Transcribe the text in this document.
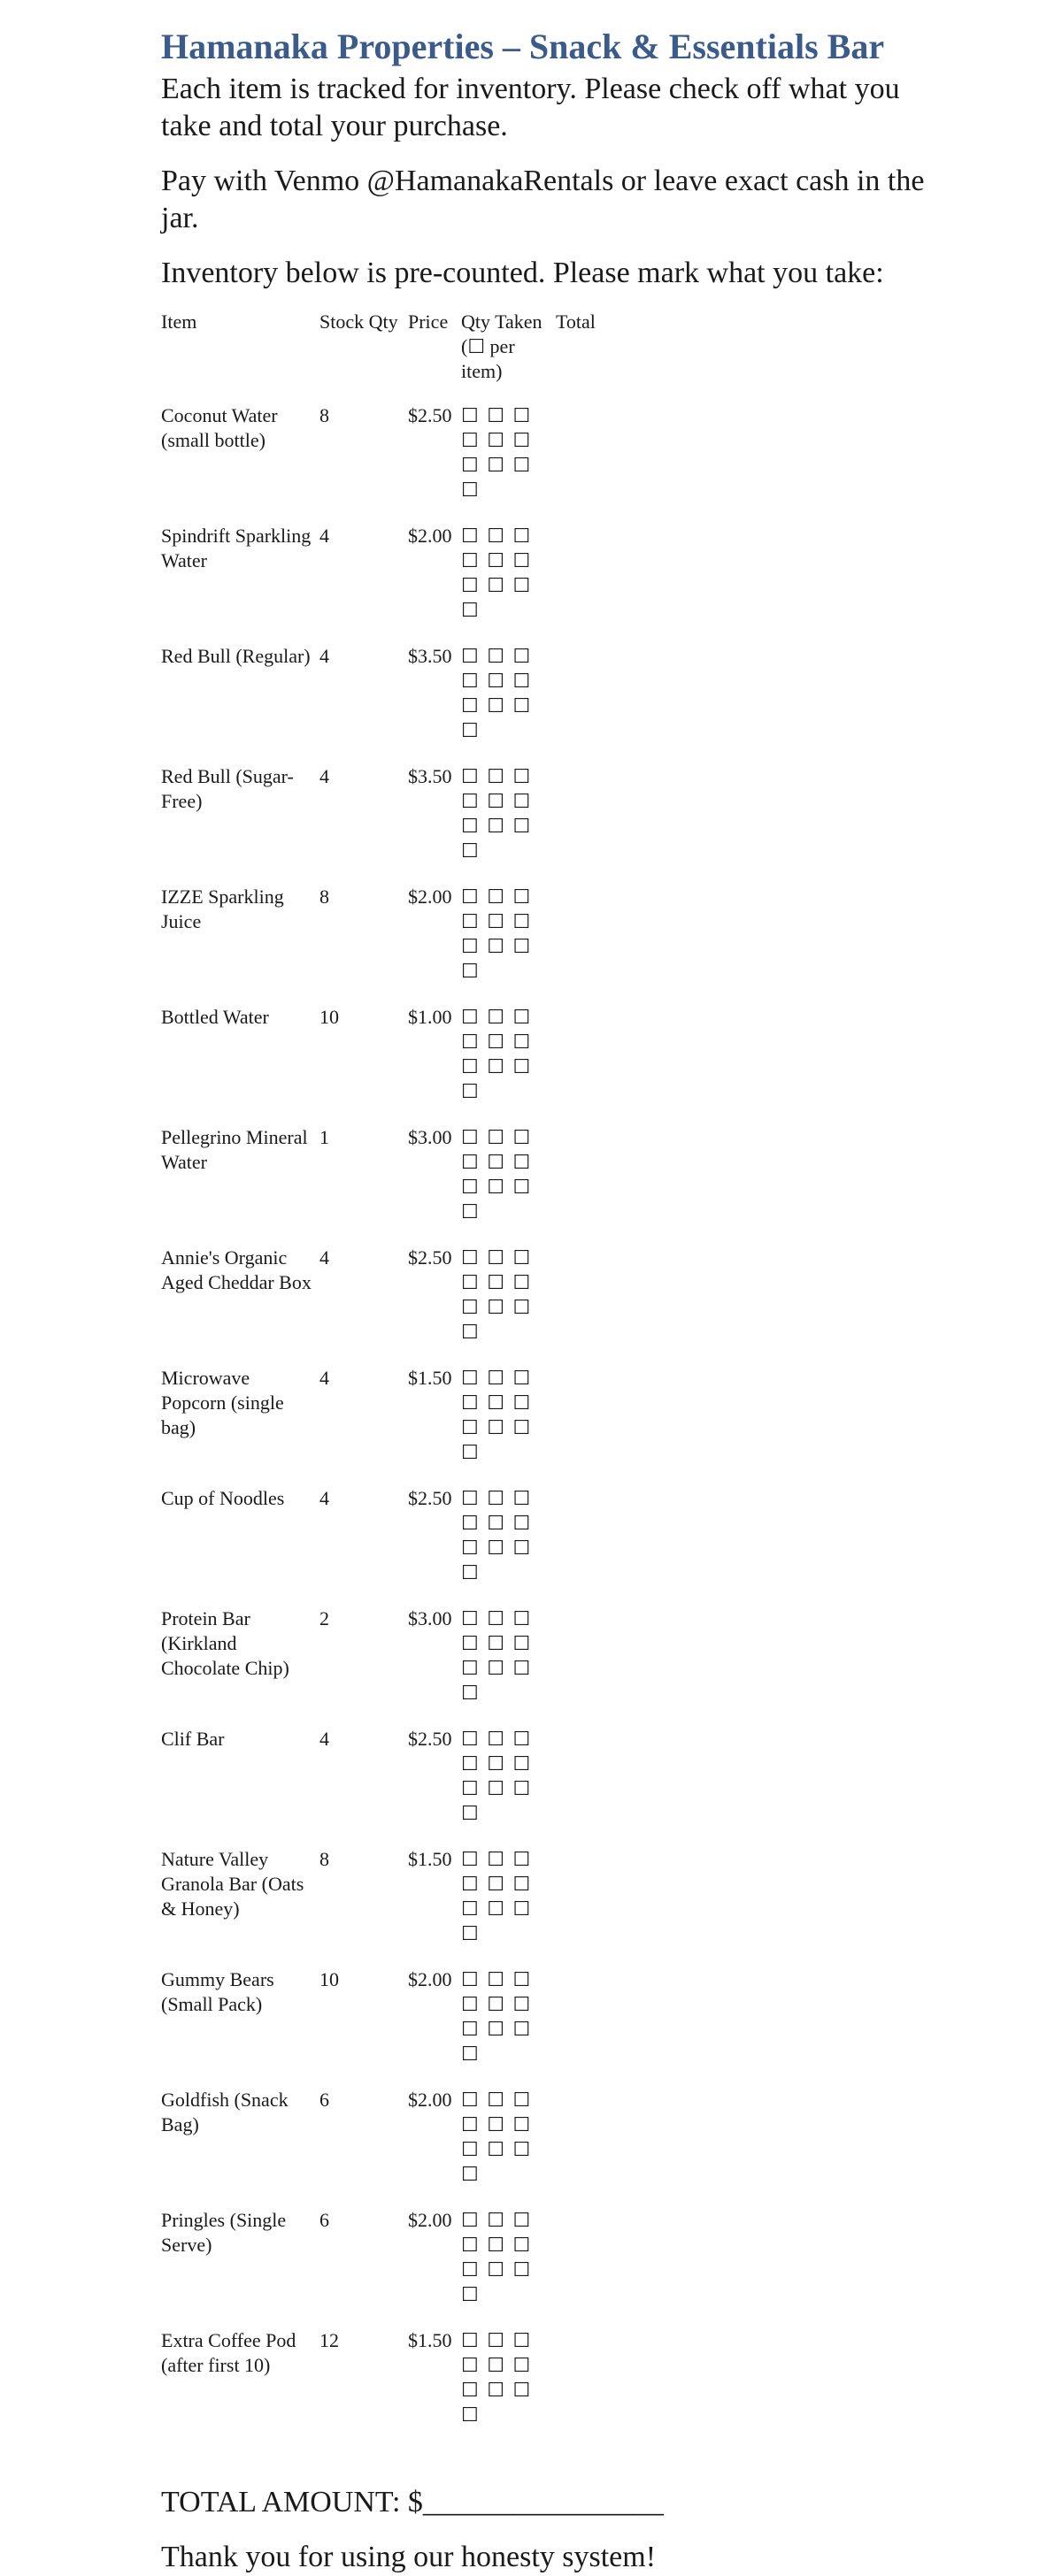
Hamanaka Properties – Snack & Essentials Bar

Each item is tracked for inventory. Please check off what you take and total your purchase.

Pay with Venmo @HamanakaRentals or leave exact cash in the jar.

Inventory below is pre-counted. Please mark what you take:

Item	Stock Qty	Price	Qty Taken (☐ per item)	Total
Coconut Water (small bottle)	8	$2.50	☐ ☐ ☐ ☐ ☐ ☐ ☐ ☐ ☐ ☐	
Spindrift Sparkling Water	4	$2.00	☐ ☐ ☐ ☐ ☐ ☐ ☐ ☐ ☐ ☐	
Red Bull (Regular)	4	$3.50	☐ ☐ ☐ ☐ ☐ ☐ ☐ ☐ ☐ ☐	
Red Bull (Sugar-Free)	4	$3.50	☐ ☐ ☐ ☐ ☐ ☐ ☐ ☐ ☐ ☐	
IZZE Sparkling Juice	8	$2.00	☐ ☐ ☐ ☐ ☐ ☐ ☐ ☐ ☐ ☐	
Bottled Water	10	$1.00	☐ ☐ ☐ ☐ ☐ ☐ ☐ ☐ ☐ ☐	
Pellegrino Mineral Water	1	$3.00	☐ ☐ ☐ ☐ ☐ ☐ ☐ ☐ ☐ ☐	
Annie's Organic Aged Cheddar Box	4	$2.50	☐ ☐ ☐ ☐ ☐ ☐ ☐ ☐ ☐ ☐	
Microwave Popcorn (single bag)	4	$1.50	☐ ☐ ☐ ☐ ☐ ☐ ☐ ☐ ☐ ☐	
Cup of Noodles	4	$2.50	☐ ☐ ☐ ☐ ☐ ☐ ☐ ☐ ☐ ☐	
Protein Bar (Kirkland Chocolate Chip)	2	$3.00	☐ ☐ ☐ ☐ ☐ ☐ ☐ ☐ ☐ ☐	
Clif Bar	4	$2.50	☐ ☐ ☐ ☐ ☐ ☐ ☐ ☐ ☐ ☐	
Nature Valley Granola Bar (Oats & Honey)	8	$1.50	☐ ☐ ☐ ☐ ☐ ☐ ☐ ☐ ☐ ☐	
Gummy Bears (Small Pack)	10	$2.00	☐ ☐ ☐ ☐ ☐ ☐ ☐ ☐ ☐ ☐	
Goldfish (Snack Bag)	6	$2.00	☐ ☐ ☐ ☐ ☐ ☐ ☐ ☐ ☐ ☐	
Pringles (Single Serve)	6	$2.00	☐ ☐ ☐ ☐ ☐ ☐ ☐ ☐ ☐ ☐	
Extra Coffee Pod (after first 10)	12	$1.50	☐ ☐ ☐ ☐ ☐ ☐ ☐ ☐ ☐ ☐	
TOTAL AMOUNT: $________________
Thank you for using our honesty system!
